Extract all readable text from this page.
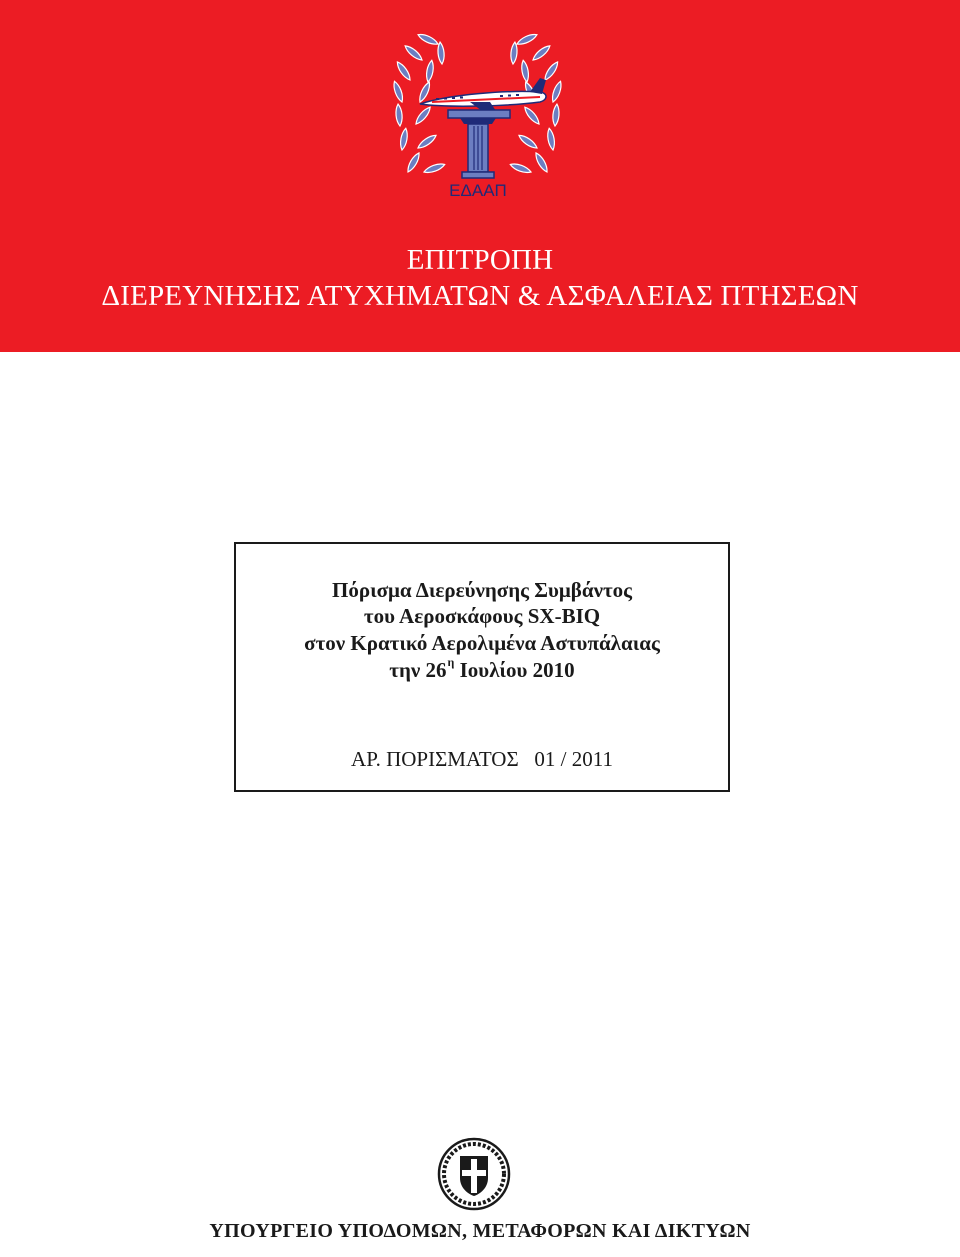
ΕΔΑΑΠ
ΕΠΙΤΡΟΠΗ
ΔΙΕΡΕΥΝΗΣΗΣ ΑΤΥΧΗΜΑΤΩΝ & ΑΣΦΑΛΕΙΑΣ ΠΤΗΣΕΩΝ
Πόρισμα Διερεύνησης Συμβάντος
του Αεροσκάφους SX-BIQ
στον Κρατικό Αερολιμένα Αστυπάλαιας
την $26^\eta$ Ιουλίου 2010
ΑΡ. ΠΟΡΙΣΜΑΤΟΣ   01 / 2011
ΥΠΟΥΡΓΕΙΟ ΥΠΟΔΟΜΩΝ, ΜΕΤΑΦΟΡΩΝ ΚΑΙ ΔΙΚΤΥΩΝ
